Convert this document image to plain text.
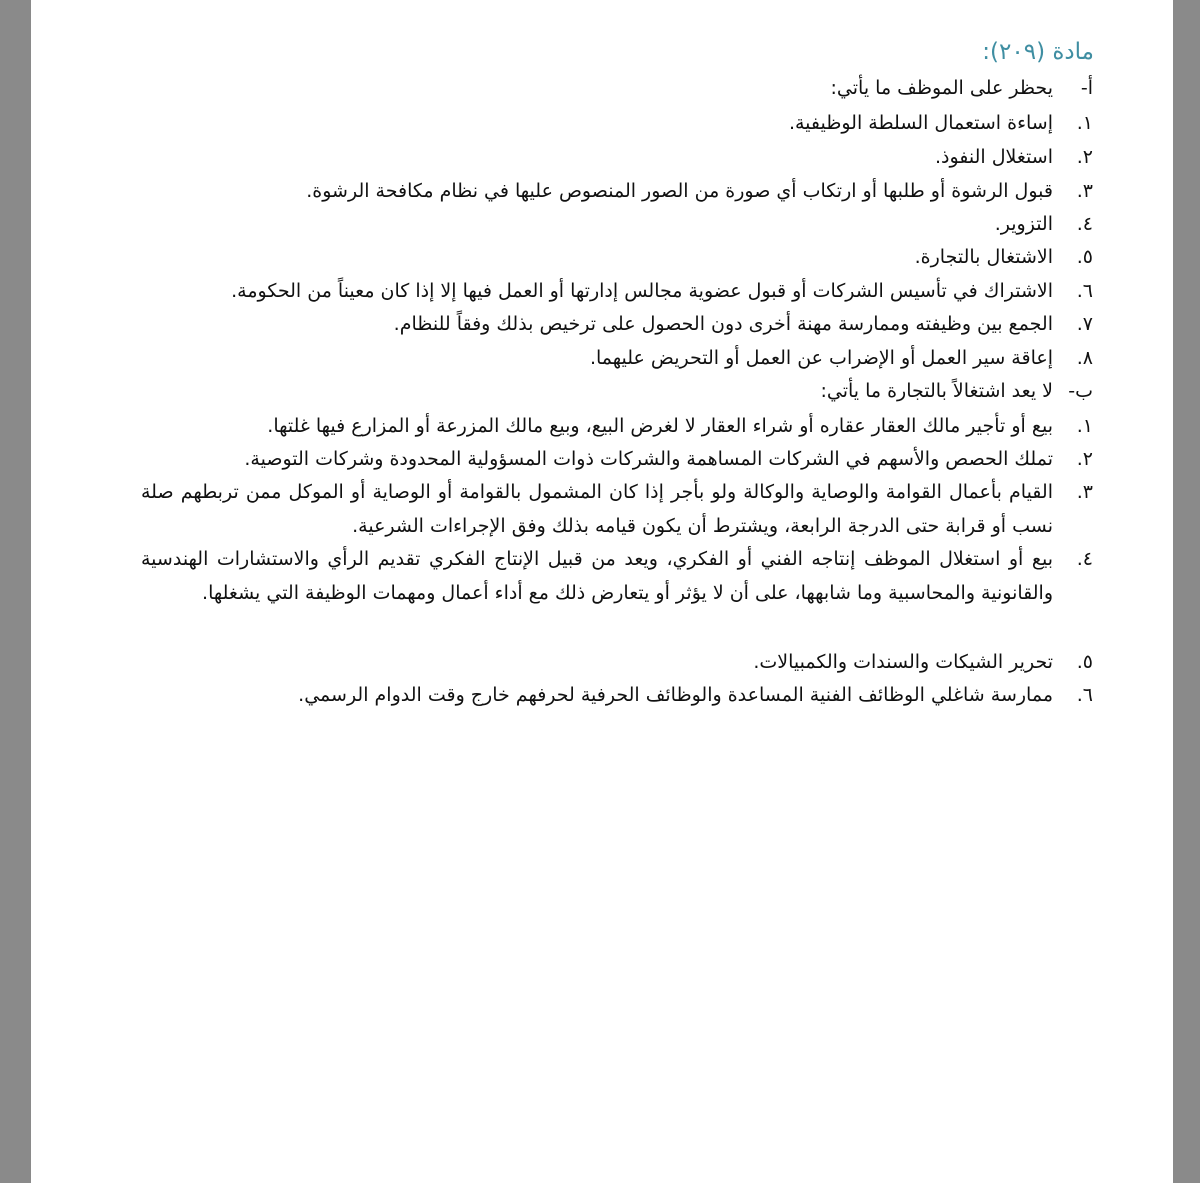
مادة (٢٠٩):
أ-
يحظر على الموظف ما يأتي:
١.
إساءة استعمال السلطة الوظيفية.
٢.
استغلال النفوذ.
٣.
قبول الرشوة أو طلبها أو ارتكاب أي صورة من الصور المنصوص عليها في نظام مكافحة الرشوة.
٤.
التزوير.
٥.
الاشتغال بالتجارة.
٦.
الاشتراك في تأسيس الشركات أو قبول عضوية مجالس إدارتها أو العمل فيها إلا إذا كان معيناً من الحكومة.
٧.
الجمع بين وظيفته وممارسة مهنة أخرى دون الحصول على ترخيص بذلك وفقاً للنظام.
٨.
إعاقة سير العمل أو الإضراب عن العمل أو التحريض عليهما.
ب-
لا يعد اشتغالاً بالتجارة ما يأتي:
١.
بيع أو تأجير مالك العقار عقاره أو شراء العقار لا لغرض البيع، وبيع مالك المزرعة أو المزارع فيها غلتها.
٢.
تملك الحصص والأسهم في الشركات المساهمة والشركات ذوات المسؤولية المحدودة وشركات التوصية.
٣.
القيام بأعمال القوامة والوصاية والوكالة ولو بأجر إذا كان المشمول بالقوامة أو الوصاية أو الموكل ممن تربطهم صلة نسب أو قرابة حتى الدرجة الرابعة، ويشترط أن يكون قيامه بذلك وفق الإجراءات الشرعية.
٤.
بيع أو استغلال الموظف إنتاجه الفني أو الفكري، ويعد من قبيل الإنتاج الفكري تقديم الرأي والاستشارات الهندسية والقانونية والمحاسبية وما شابهها، على أن لا يؤثر أو يتعارض ذلك مع أداء أعمال ومهمات الوظيفة التي يشغلها.
٥.
تحرير الشيكات والسندات والكمبيالات.
٦.
ممارسة شاغلي الوظائف الفنية المساعدة والوظائف الحرفية لحرفهم خارج وقت الدوام الرسمي.
